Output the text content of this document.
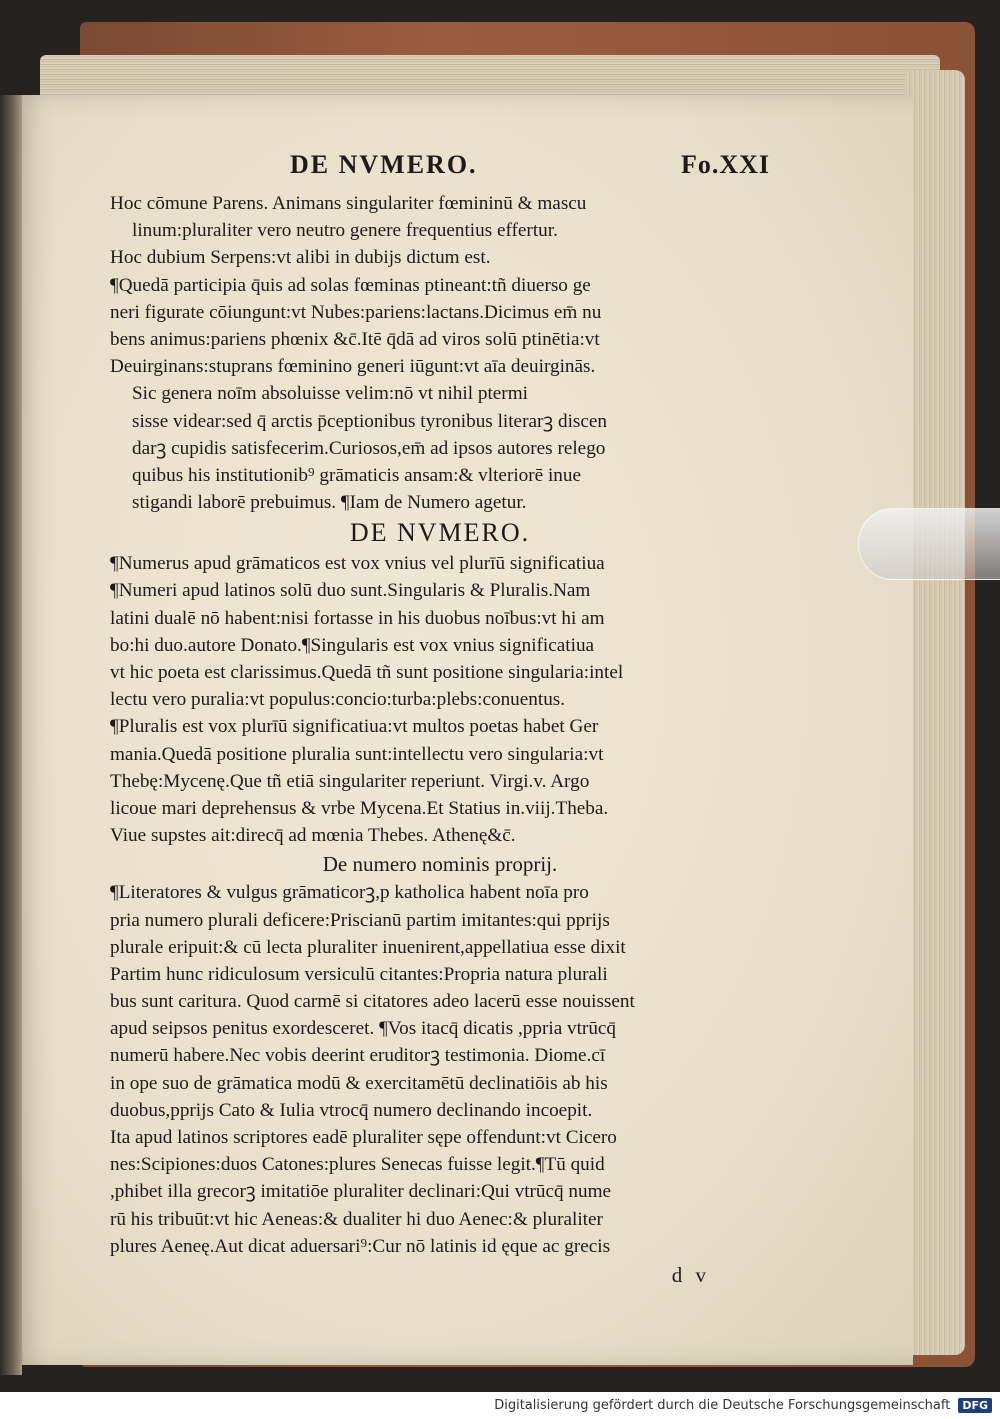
DE NVMERO.	Fo.XXI
Hoc cōmune Parens. Animans singulariter fœmininū & mascu
linum:pluraliter vero neutro genere frequentius effertur.
Hoc dubium Serpens:vt alibi in dubijs dictum est.
¶Quedā participia q̄uis ad solas fœminas ptineant:tñ diuerso ge
neri figurate cōiungunt:vt Nubes:pariens:lactans.Dicimus em̄ nu
bens animus:pariens phœnix &c̄.Itē q̄dā ad viros solū ptinētia:vt
Deuirginans:stuprans fœminino generi iūgunt:vt aīa deuirginās.
Sic genera noīm absoluisse velim:nō vt nihil ptermi
sisse videar:sed q̄ arctis p̄ceptionibus tyronibus literarꝫ discen
darꝫ cupidis satisfecerim.Curiosos,em̄ ad ipsos autores relego
quibus his institutionib⁹ grāmaticis ansam:& vlteriorē inue
stigandi laborē prebuimus. ¶Iam de Numero agetur.
DE NVMERO.
¶Numerus apud grāmaticos est vox vnius vel plurīū significatiua
¶Numeri apud latinos solū duo sunt.Singularis & Pluralis.Nam
latini dualē nō habent:nisi fortasse in his duobus noībus:vt hi am
bo:hi duo.autore Donato.¶Singularis est vox vnius significatiua
vt hic poeta est clarissimus.Quedā tñ sunt positione singularia:intel
lectu vero puralia:vt populus:concio:turba:plebs:conuentus.
¶Pluralis est vox plurīū significatiua:vt multos poetas habet Ger
mania.Quedā positione pluralia sunt:intellectu vero singularia:vt
Thebę:Mycenę.Que tñ etiā singulariter reperiunt. Virgi.v. Argo
licoue mari deprehensus & vrbe Mycena.Et Statius in.viij.Theba.
Viue supstes ait:direcq̄ ad mœnia Thebes. Athenę&c̄.
De numero nominis proprij.
¶Literatores & vulgus grāmaticorꝫ,p katholica habent noīa pro
pria numero plurali deficere:Priscianū partim imitantes:qui pprijs
plurale eripuit:& cū lecta pluraliter inuenirent,appellatiua esse dixit
Partim hunc ridiculosum versiculū citantes:Propria natura plurali
bus sunt caritura. Quod carmē si citatores adeo lacerū esse nouissent
apud seipsos penitus exordesceret. ¶Vos itacq̄ dicatis ,ppria vtrūcq̄
numerū habere.Nec vobis deerint eruditorꝫ testimonia. Diome.cī
in ope suo de grāmatica modū & exercitamētū declinatiōis ab his
duobus,pprijs Cato & Iulia vtrocq̄ numero declinando incoepit.
Ita apud latinos scriptores eadē pluraliter sępe offendunt:vt Cicero
nes:Scipiones:duos Catones:plures Senecas fuisse legit.¶Tū quid
,phibet illa grecorꝫ imitatiōe pluraliter declinari:Qui vtrūcq̄ nume
rū his tribuūt:vt hic Aeneas:& dualiter hi duo Aenec:& pluraliter
plures Aeneę.Aut dicat aduersari⁹:Cur nō latinis id ęque ac grecis
d v
Digitalisierung gefördert durch die Deutsche Forschungsgemeinschaft	DFG
